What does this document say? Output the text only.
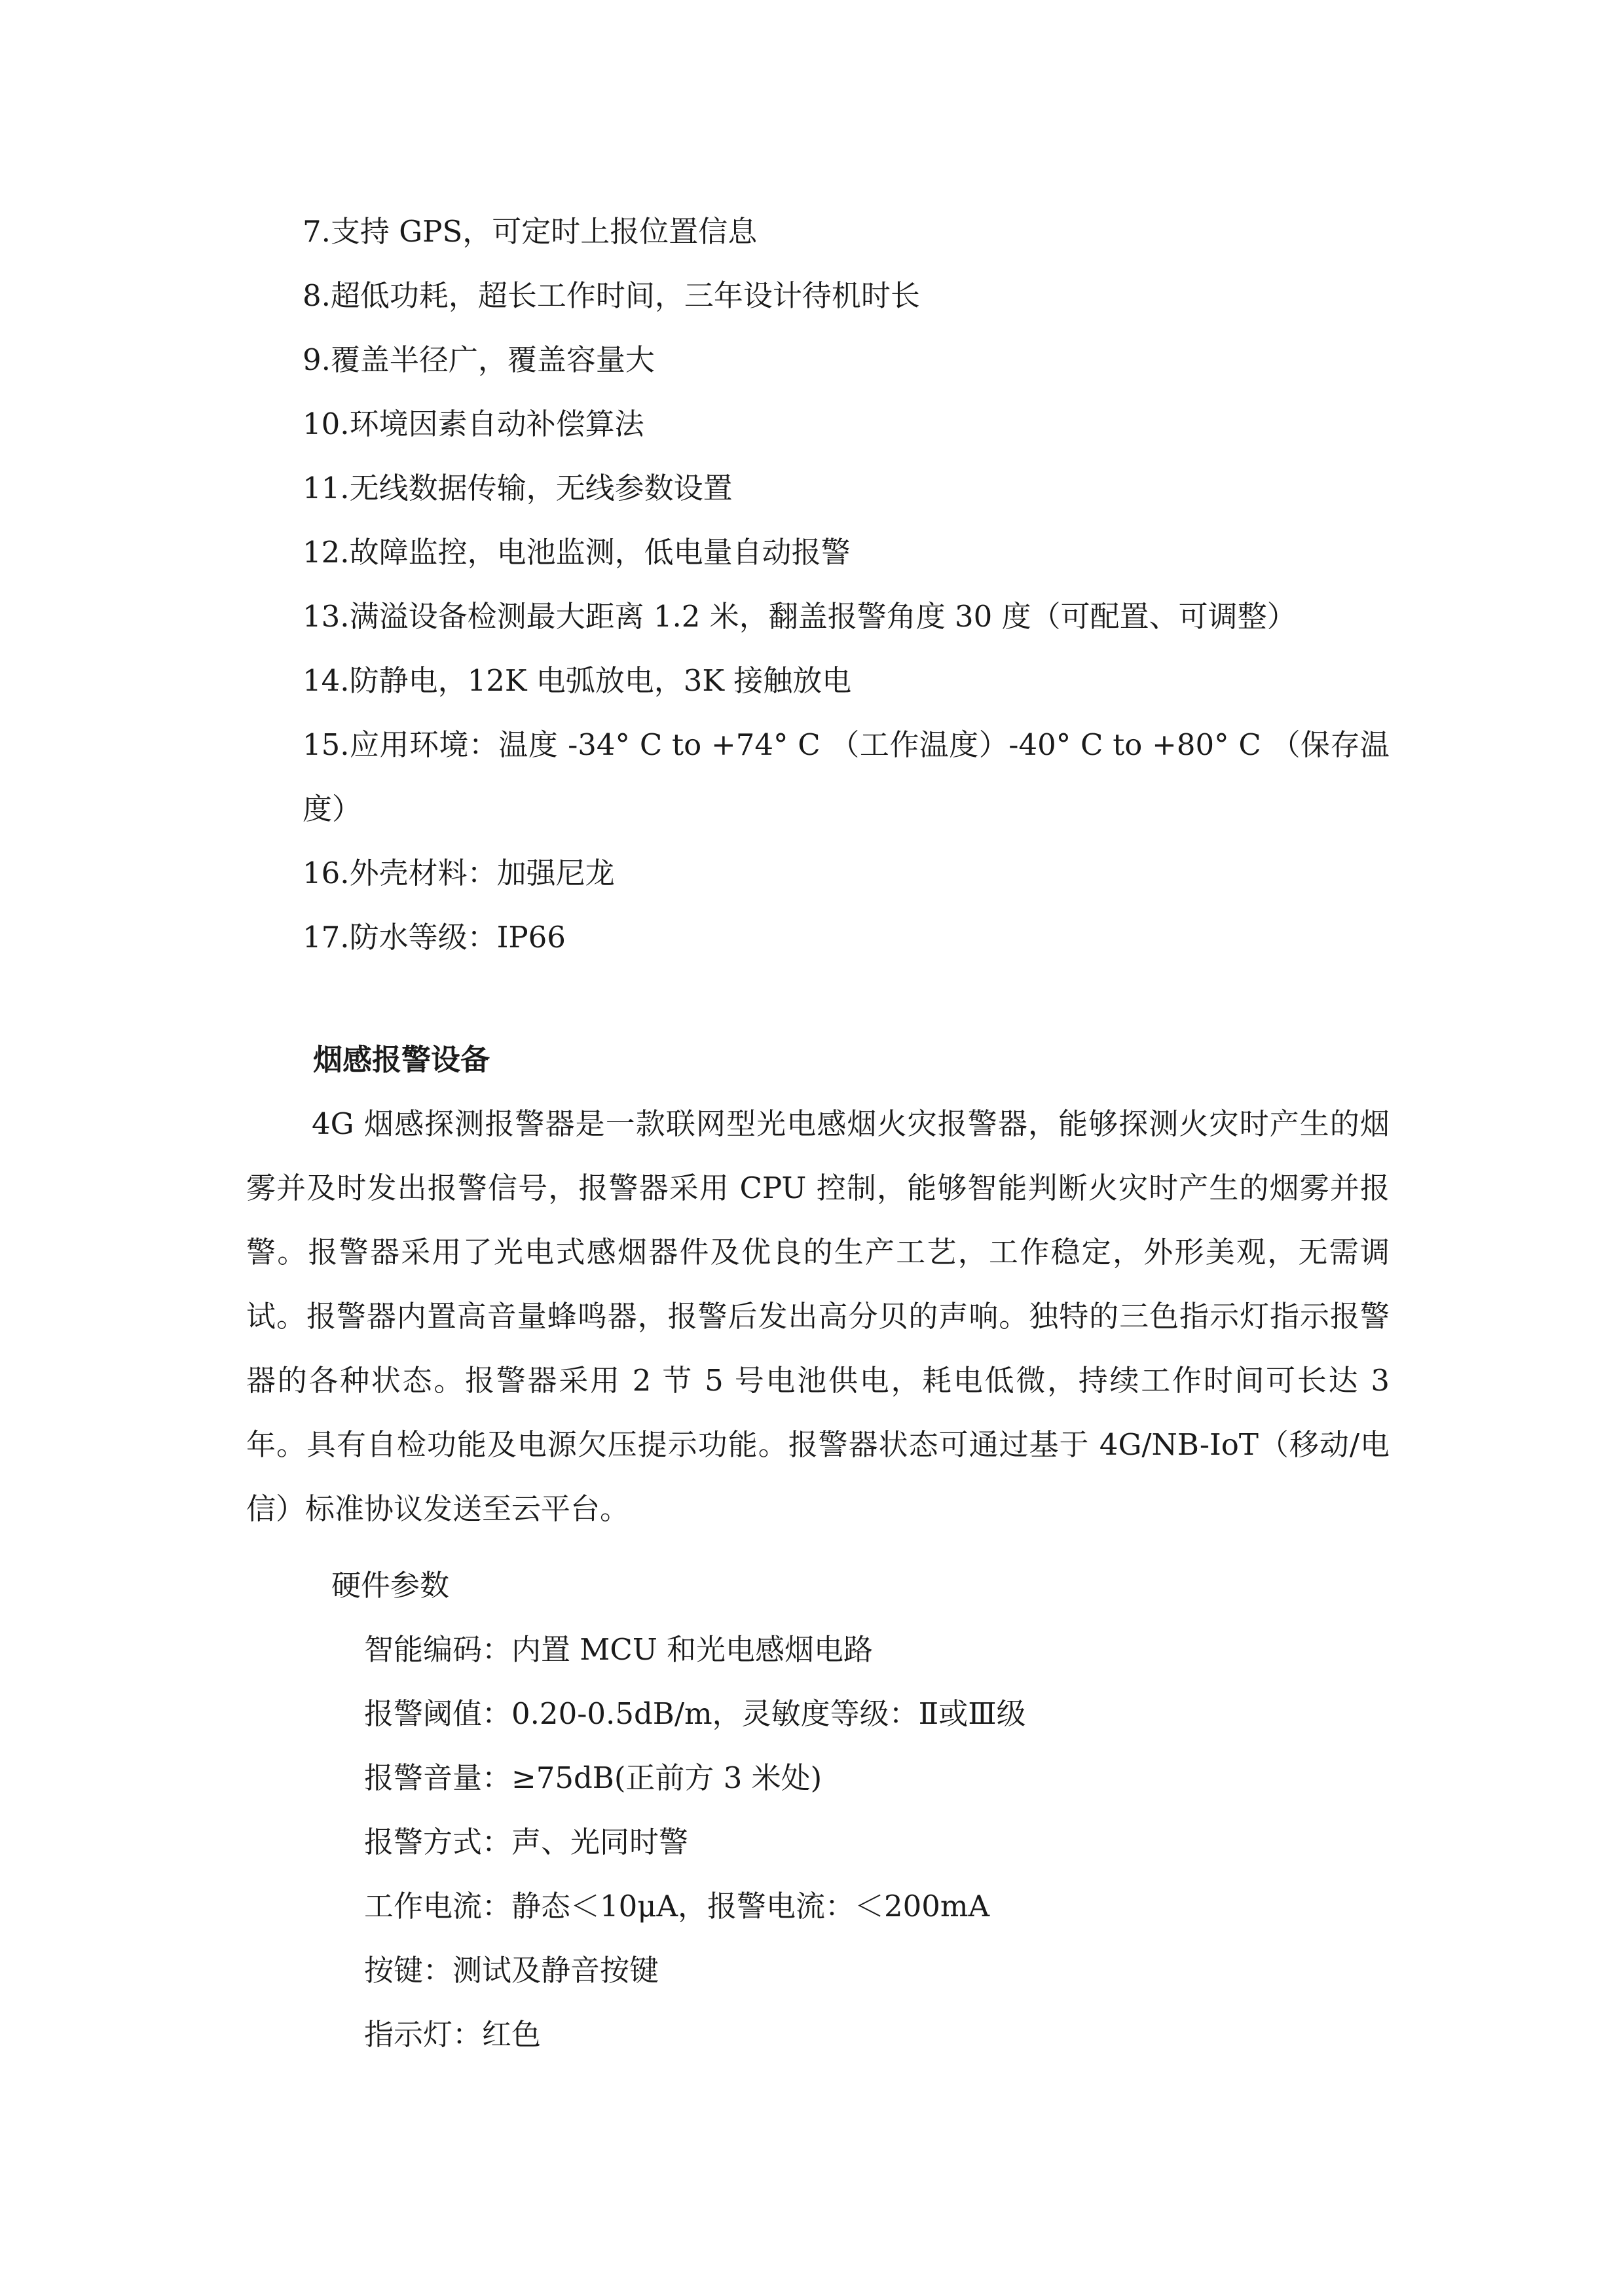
7.支持 GPS，可定时上报位置信息
8.超低功耗，超长工作时间，三年设计待机时长
9.覆盖半径广，覆盖容量大
10.环境因素自动补偿算法
11.无线数据传输，无线参数设置
12.故障监控，电池监测，低电量自动报警
13.满溢设备检测最大距离 1.2 米，翻盖报警角度 30 度（可配置、可调整）
14.防静电，12K 电弧放电，3K 接触放电
15.应用环境：温度 -34° C to +74° C （工作温度）-40° C to +80° C （保存温度）
16.外壳材料：加强尼龙
17.防水等级：IP66
烟感报警设备
4G 烟感探测报警器是一款联网型光电感烟火灾报警器，能够探测火灾时产生的烟雾并及时发出报警信号，报警器采用 CPU 控制，能够智能判断火灾时产生的烟雾并报警。报警器采用了光电式感烟器件及优良的生产工艺，工作稳定，外形美观，无需调试。报警器内置高音量蜂鸣器，报警后发出高分贝的声响。独特的三色指示灯指示报警器的各种状态。报警器采用 2 节 5 号电池供电，耗电低微，持续工作时间可长达 3 年。具有自检功能及电源欠压提示功能。报警器状态可通过基于 4G/NB-IoT（移动/电信）标准协议发送至云平台。
硬件参数
智能编码：内置 MCU 和光电感烟电路
报警阈值：0.20-0.5dB/m，灵敏度等级：Ⅱ或Ⅲ级
报警音量：≥75dB(正前方 3 米处)
报警方式：声、光同时警
工作电流：静态＜10μA，报警电流：＜200mA
按键：测试及静音按键
指示灯：红色
